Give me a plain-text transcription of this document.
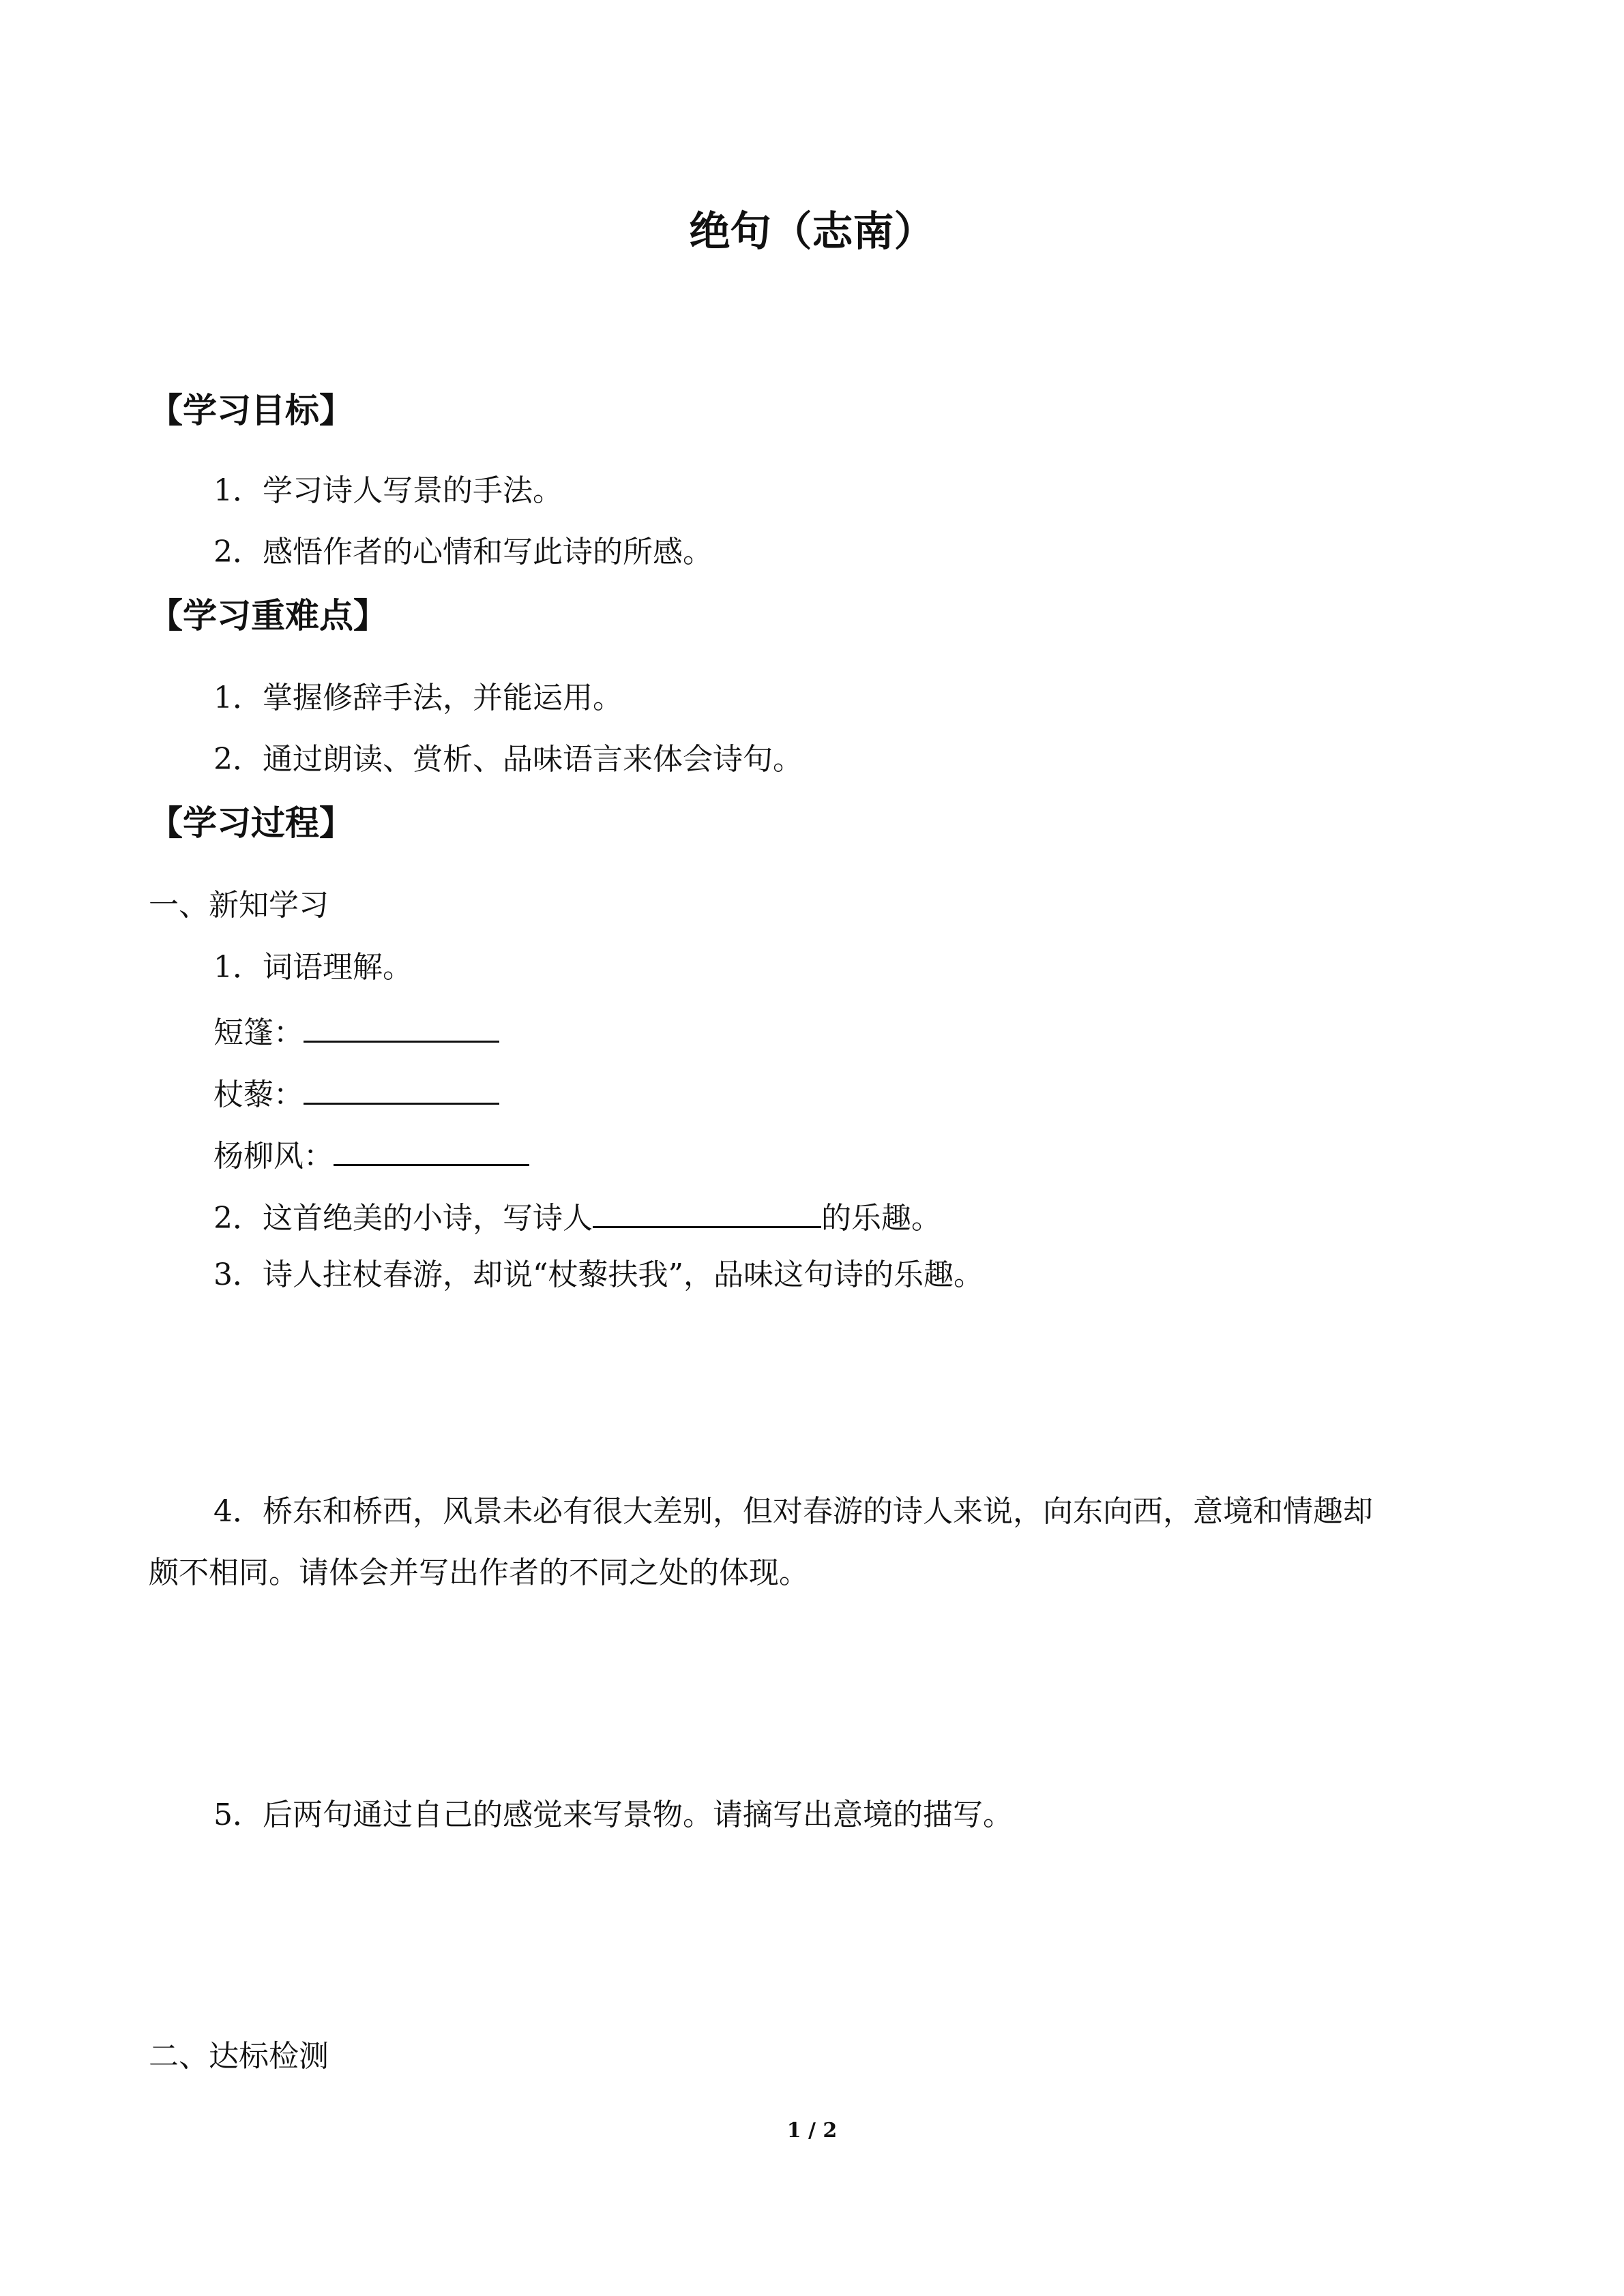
绝句（志南）
【学习目标】
1．学习诗人写景的手法。
2．感悟作者的心情和写此诗的所感。
【学习重难点】
1．掌握修辞手法，并能运用。
2．通过朗读、赏析、品味语言来体会诗句。
【学习过程】
一、新知学习
1．词语理解。
短篷：
杖藜：
杨柳风：
2．这首绝美的小诗，写诗人	的乐趣。
3．诗人拄杖春游，却说“杖藜扶我”，品味这句诗的乐趣。
4．桥东和桥西，风景未必有很大差别，但对春游的诗人来说，向东向西，意境和情趣却
颇不相同。请体会并写出作者的不同之处的体现。
5．后两句通过自己的感觉来写景物。请摘写出意境的描写。
二、达标检测
1 / 2
